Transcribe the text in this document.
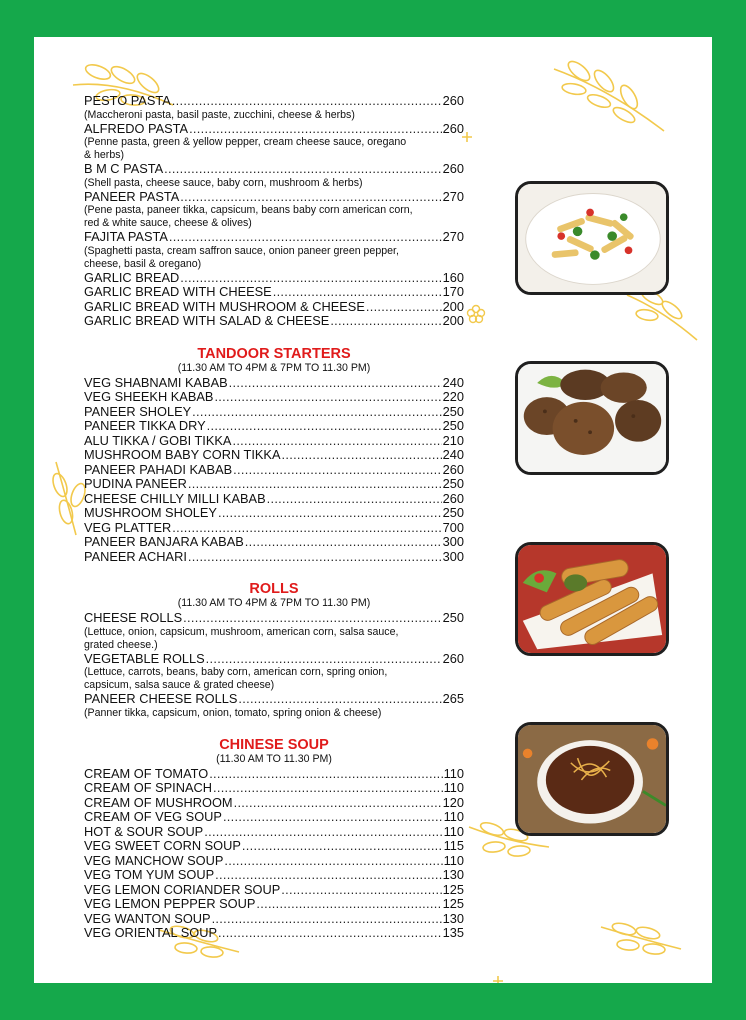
PESTO PASTA .....	260
(Maccheroni pasta, basil paste, zucchini, cheese & herbs)
ALFREDO PASTA .....	260
(Penne pasta, green & yellow pepper, cream cheese sauce, oregano & herbs)
B M C PASTA .....	260
(Shell pasta, cheese sauce, baby corn, mushroom & herbs)
PANEER PASTA .....	270
(Pene pasta, paneer tikka, capsicum, beans baby corn american corn, red & white sauce, cheese & olives)
FAJITA PASTA .....	270
(Spaghetti pasta, cream saffron sauce, onion paneer green pepper, cheese, basil & oregano)
GARLIC BREAD .....	160
GARLIC BREAD WITH CHEESE .....	170
GARLIC BREAD WITH MUSHROOM & CHEESE .....	200
GARLIC BREAD WITH SALAD & CHEESE .....	200
TANDOOR STARTERS
(11.30 AM TO 4PM & 7PM TO 11.30 PM)
VEG SHABNAMI KABAB .....	240
VEG SHEEKH KABAB .....	220
PANEER SHOLEY .....	250
PANEER TIKKA DRY .....	250
ALU TIKKA / GOBI TIKKA .....	210
MUSHROOM BABY CORN TIKKA .....	240
PANEER PAHADI KABAB .....	260
PUDINA PANEER .....	250
CHEESE CHILLY MILLI KABAB .....	260
MUSHROOM SHOLEY .....	250
VEG PLATTER .....	700
PANEER BANJARA KABAB .....	300
PANEER ACHARI .....	300
ROLLS
(11.30 AM TO 4PM & 7PM TO 11.30 PM)
CHEESE ROLLS .....	250
(Lettuce, onion, capsicum, mushroom, american corn, salsa sauce, grated cheese.)
VEGETABLE ROLLS .....	260
(Lettuce, carrots, beans, baby corn, american corn, spring onion, capsicum, salsa sauce & grated cheese)
PANEER CHEESE ROLLS .....	265
(Panner tikka, capsicum, onion, tomato, spring onion & cheese)
CHINESE SOUP
(11.30 AM TO 11.30 PM)
CREAM OF TOMATO .....	110
CREAM OF SPINACH .....	110
CREAM OF MUSHROOM .....	120
CREAM OF VEG SOUP .....	110
HOT & SOUR SOUP .....	110
VEG SWEET CORN SOUP .....	115
VEG MANCHOW SOUP .....	110
VEG TOM YUM SOUP .....	130
VEG LEMON CORIANDER SOUP .....	125
VEG LEMON PEPPER SOUP .....	125
VEG WANTON SOUP .....	130
VEG ORIENTAL SOUP .....	135
